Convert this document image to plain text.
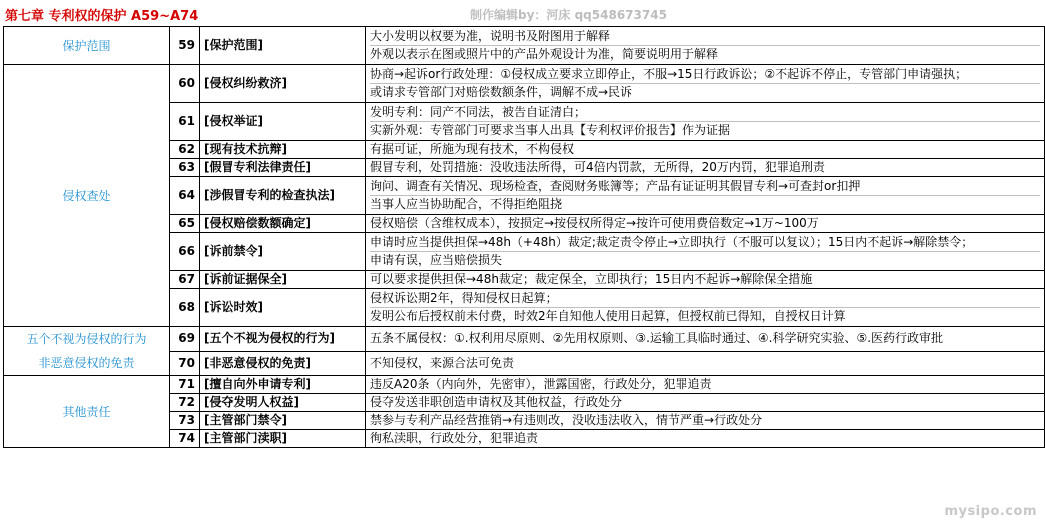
第七章 专利权的保护 A59~A74	制作编辑by：河床 qq548673745
保护范围	59	[保护范围]	大小发明以权要为准，说明书及附图用于解释
外观以表示在图或照片中的产品外观设计为准，简要说明用于解释

侵权查处	60	[侵权纠纷救济]	协商→起诉or行政处理：①侵权成立要求立即停止，不服→15日行政诉讼；②不起诉不停止，专管部门申请强执；
或请求专管部门对赔偿数额条件，调解不成→民诉

	61	[侵权举证]	发明专利：同产不同法，被告自证清白；
实新外观：专管部门可要求当事人出具【专利权评价报告】作为证据

	62	[现有技术抗辩]	有据可证，所施为现有技术，不构侵权

	63	[假冒专利法律责任]	假冒专利，处罚措施：没收违法所得，可4倍内罚款，无所得，20万内罚，犯罪追刑责

	64	[涉假冒专利的检查执法]	询问、调查有关情况、现场检查，查阅财务账簿等；产品有证证明其假冒专利→可查封or扣押
当事人应当协助配合，不得拒绝阻挠

	65	[侵权赔偿数额确定]	侵权赔偿（含维权成本），按损定→按侵权所得定→按许可使用费倍数定→1万~100万

	66	[诉前禁令]	申请时应当提供担保→48h（+48h）裁定;裁定责令停止→立即执行（不服可以复议）；15日内不起诉→解除禁令；
申请有误，应当赔偿损失

	67	[诉前证据保全]	可以要求提供担保→48h裁定；裁定保全，立即执行；15日内不起诉→解除保全措施

	68	[诉讼时效]	侵权诉讼期2年，得知侵权日起算；
发明公布后授权前未付费，时效2年自知他人使用日起算，但授权前已得知，自授权日计算

五个不视为侵权的行为
非恶意侵权的免责	69	[五个不视为侵权的行为]	五条不属侵权：①.权利用尽原则、②先用权原则、③.运输工具临时通过、④.科学研究实验、⑤.医药行政审批

	70	[非恶意侵权的免责]	不知侵权，来源合法可免责

其他责任	71	[擅自向外申请专利]	违反A20条（内向外，先密审），泄露国密，行政处分，犯罪追责

	72	[侵夺发明人权益]	侵夺发送非职创造申请权及其他权益，行政处分

	73	[主管部门禁令]	禁参与专利产品经营推销→有违则改，没收违法收入，情节严重→行政处分

	74	[主管部门渎职]	徇私渎职，行政处分，犯罪追责
mysipo.com
